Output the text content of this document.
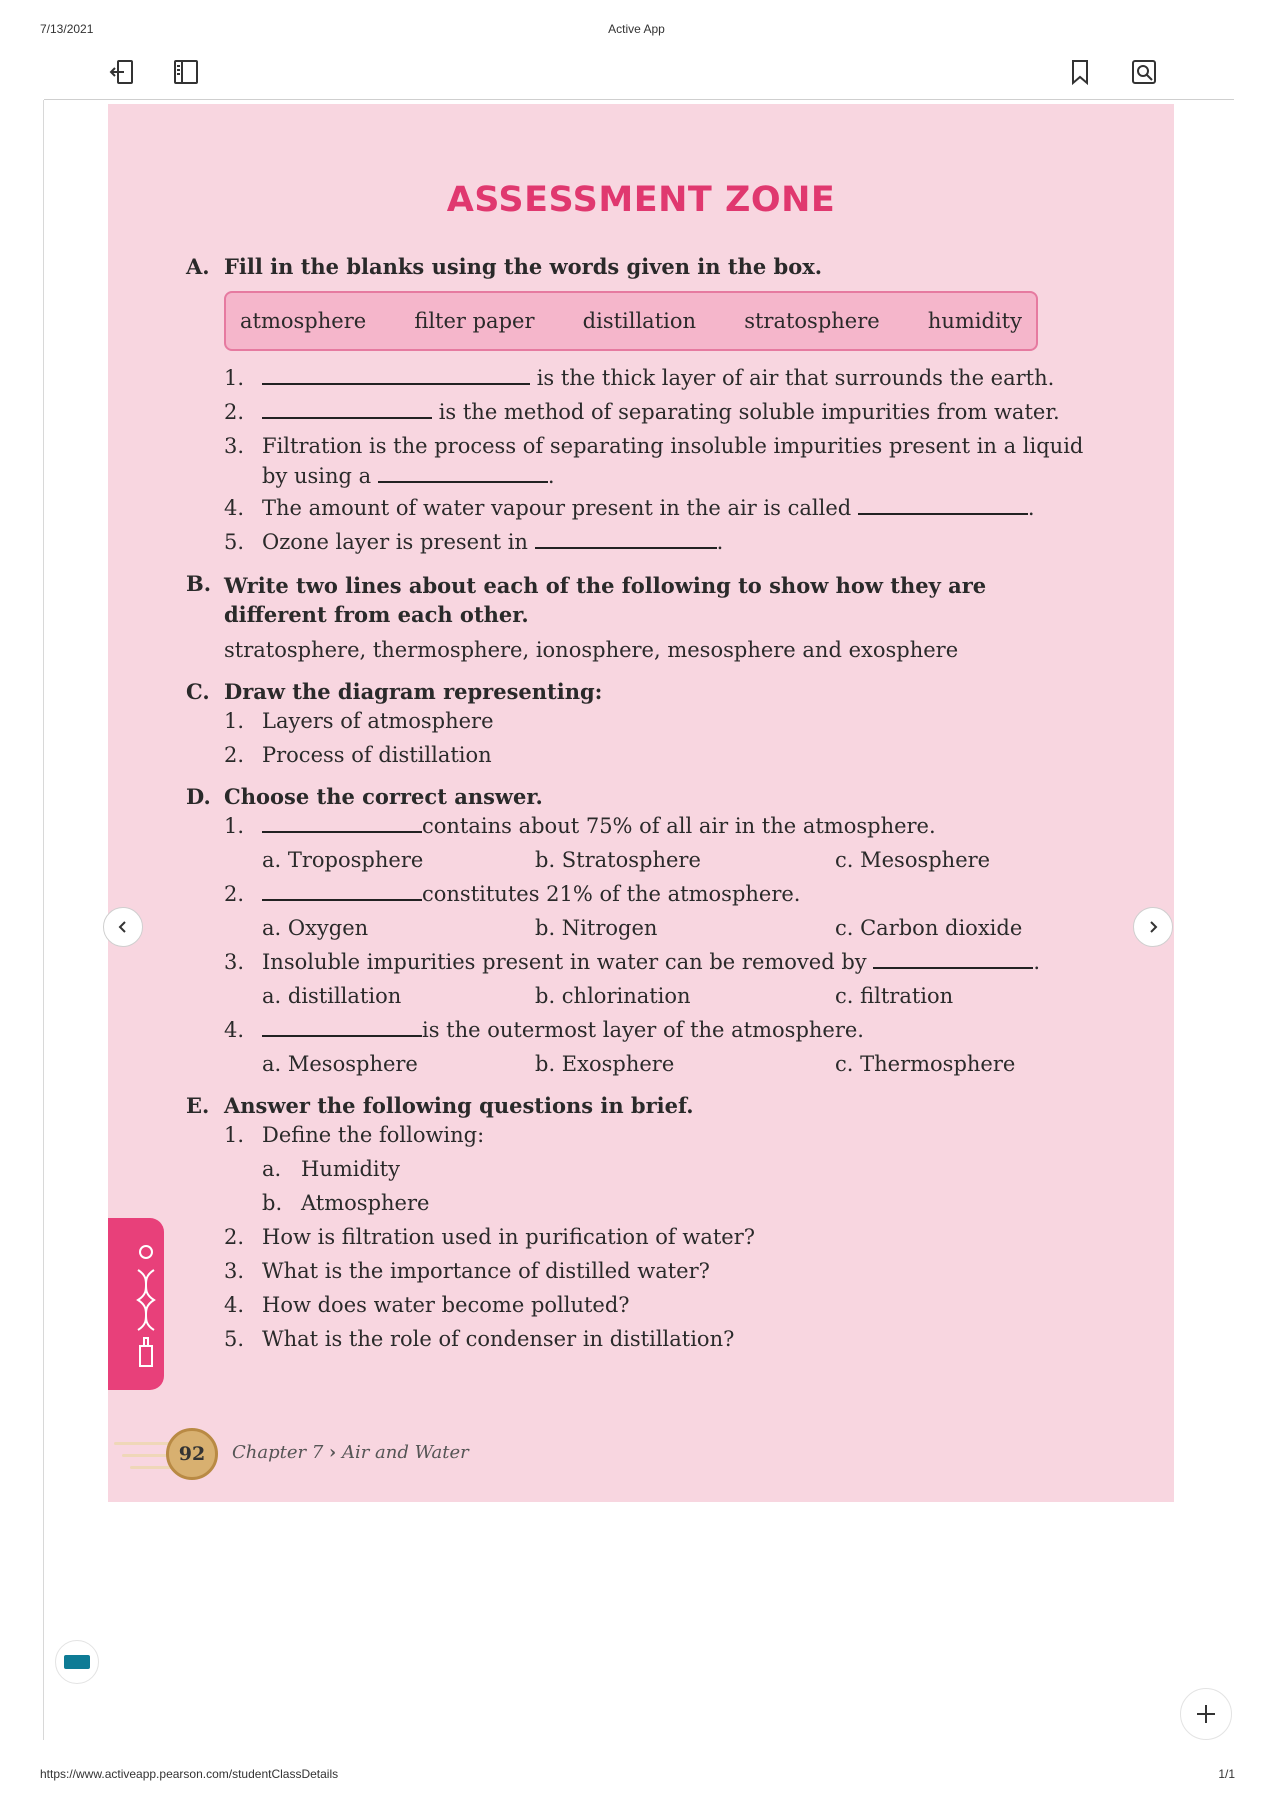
7/13/2021	Active App
ASSESSMENT ZONE
A. Fill in the blanks using the words given in the box.
atmosphere filter paper distillation stratosphere humidity
1.	is the thick layer of air that surrounds the earth.
2.	is the method of separating soluble impurities from water.
3. Filtration is the process of separating insoluble impurities present in a liquid
by using a	.
4. The amount of water vapour present in the air is called	.
5. Ozone layer is present in	.
B. Write two lines about each of the following to show how they are different from each other.
stratosphere, thermosphere, ionosphere, mesosphere and exosphere
C. Draw the diagram representing:
1. Layers of atmosphere
2. Process of distillation
D. Choose the correct answer.
1.	contains about 75% of all air in the atmosphere.
a. Troposphere	b. Stratosphere	c. Mesosphere
2.	constitutes 21% of the atmosphere.
a. Oxygen	b. Nitrogen	c. Carbon dioxide
3. Insoluble impurities present in water can be removed by	.
a. distillation	b. chlorination	c. filtration
4.	is the outermost layer of the atmosphere.
a. Mesosphere	b. Exosphere	c. Thermosphere
E. Answer the following questions in brief.
1. Define the following:
a. Humidity
b. Atmosphere
2. How is filtration used in purification of water?
3. What is the importance of distilled water?
4. How does water become polluted?
5. What is the role of condenser in distillation?
92	Chapter 7 › Air and Water
https://www.activeapp.pearson.com/studentClassDetails	1/1
